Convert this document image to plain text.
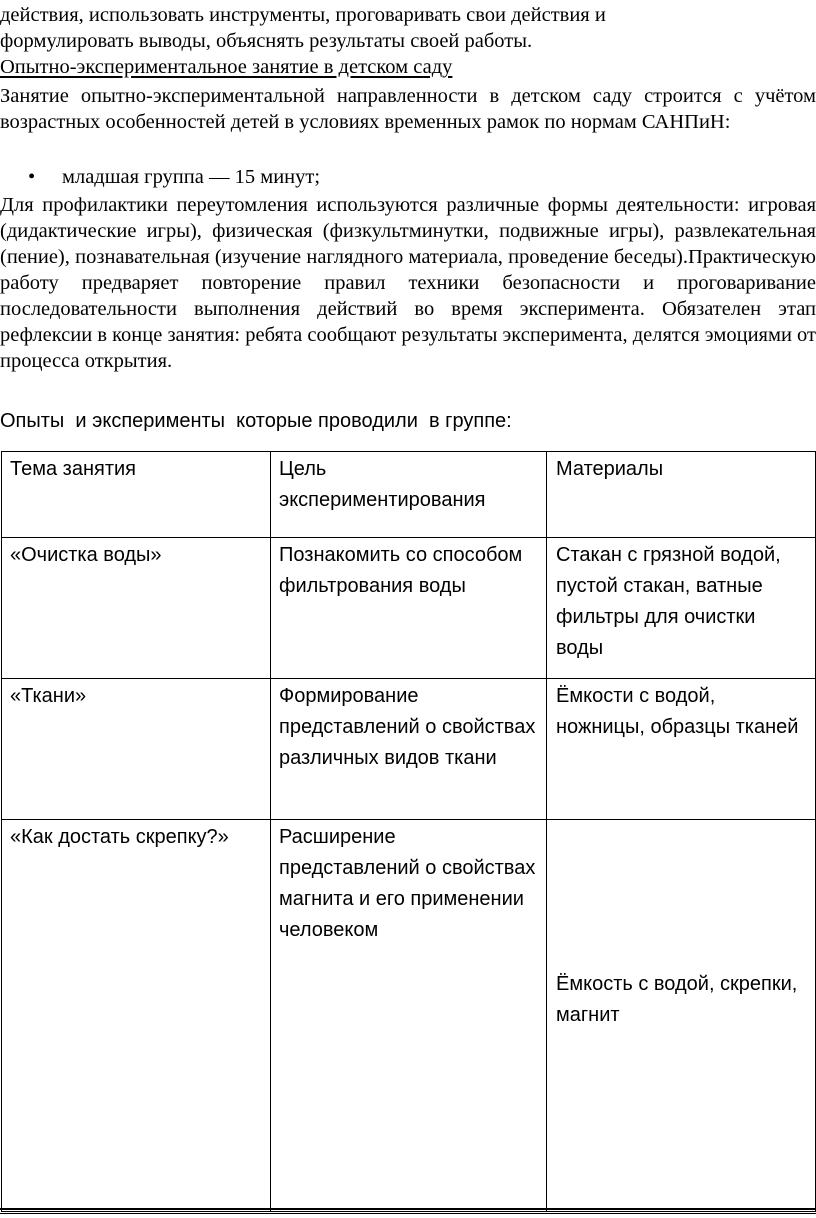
действия, использовать инструменты, проговаривать свои действия и

формулировать выводы, объяснять результаты своей работы.

Опытно-экспериментальное занятие в детском саду

Занятие опытно-экспериментальной направленности в детском саду строится с учётом возрастных особенностей детей в условиях временных рамок по нормам САНПиН:

• младшая группа — 15 минут;

Для профилактики переутомления используются различные формы деятельности: игровая (дидактические игры), физическая (физкультминутки, подвижные игры), развлекательная (пение), познавательная (изучение наглядного материала, проведение беседы).Практическую работу предваряет повторение правил техники безопасности и проговаривание последовательности выполнения действий во время эксперимента. Обязателен этап рефлексии в конце занятия: ребята сообщают результаты эксперимента, делятся эмоциями от процесса открытия.

Опыты  и эксперименты  которые проводили  в группе:
Тема занятия	Цель экспериментирования	Материалы
«Очистка воды»	Познакомить со способом фильтрования воды	Стакан с грязной водой, пустой стакан, ватные фильтры для очистки воды
«Ткани»	Формирование представлений о свойствах различных видов ткани	Ёмкости с водой, ножницы, образцы тканей
«Как достать скрепку?»	Расширение представлений о свойствах магнита и его применении человеком	Ёмкость с водой, скрепки, магнит
